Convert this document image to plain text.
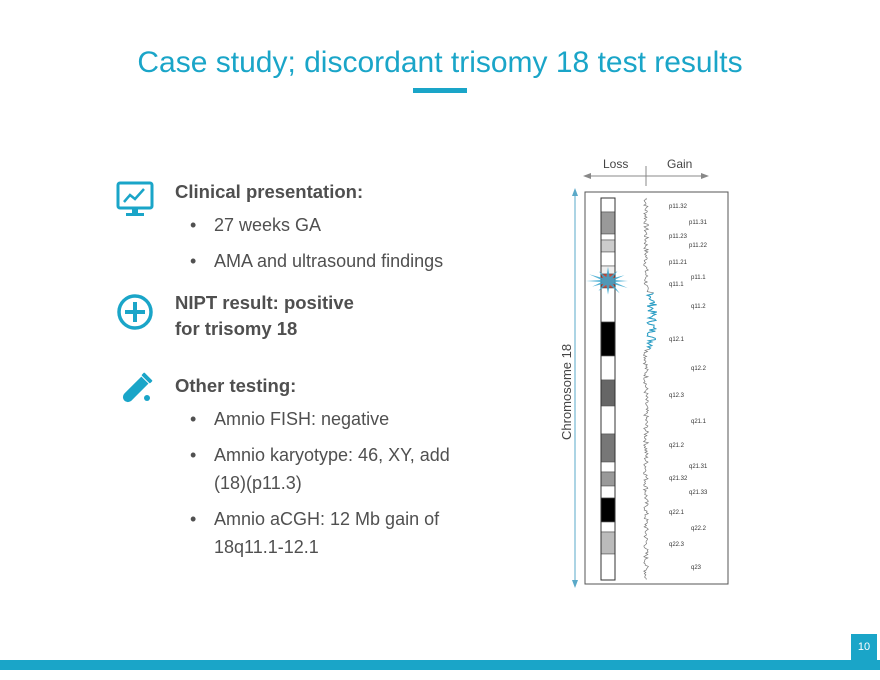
Case study; discordant trisomy 18 test results
Clinical presentation:
• 27 weeks GA
• AMA and ultrasound findings
NIPT result: positive
for trisomy 18
Other testing:
• Amnio FISH: negative
• Amnio karyotype: 46, XY, add
(18)(p11.3)
• Amnio aCGH: 12 Mb gain of
18q11.1-12.1
Loss	Gain
Chromosome 18
p11.32
p11.31
p11.23
p11.22
p11.21
p11.1
q11.1
q11.2
q12.1
q12.2
q12.3
q21.1
q21.2
q21.31
q21.32
q21.33
q22.1
q22.2
q22.3
q23
10
